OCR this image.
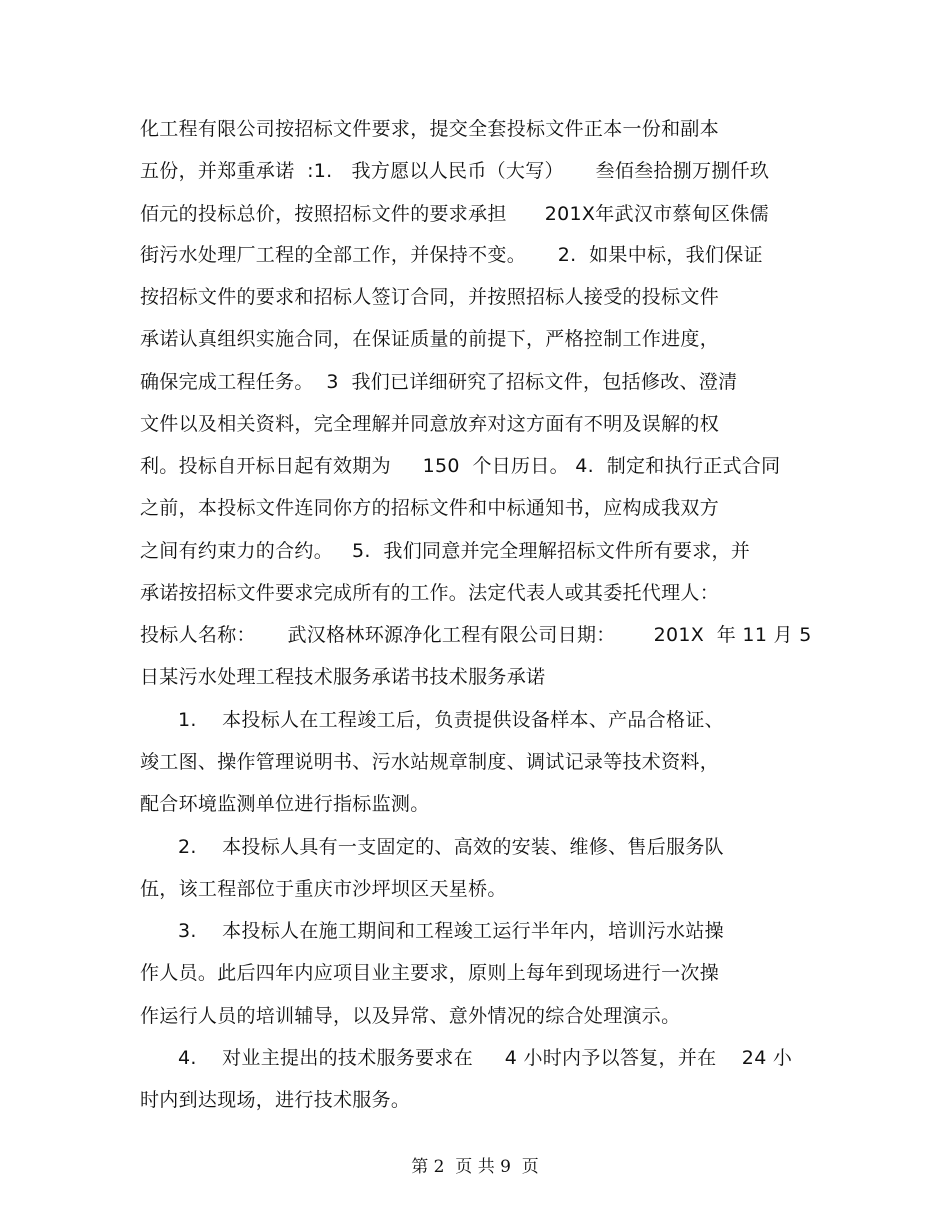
化工程有限公司按招标文件要求，提交全套投标文件正本一份和副本
五份，并郑重承诺  :1.   我方愿以人民币（大写）     叁佰叁拾捌万捌仟玖
佰元的投标总价，按照招标文件的要求承担      201X年武汉市蔡甸区侏儒
街污水处理厂工程的全部工作，并保持不变。     2.  如果中标，我们保证
按招标文件的要求和招标人签订合同，并按照招标人接受的投标文件
承诺认真组织实施合同，在保证质量的前提下，严格控制工作进度，
确保完成工程任务。  3  我们已详细研究了招标文件，包括修改、澄清
文件以及相关资料，完全理解并同意放弃对这方面有不明及误解的权
利。投标自开标日起有效期为     150  个日历日。 4.  制定和执行正式合同
之前，本投标文件连同你方的招标文件和中标通知书，应构成我双方
之间有约束力的合约。   5.  我们同意并完全理解招标文件所有要求，并
承诺按招标文件要求完成所有的工作。法定代表人或其委托代理人：
投标人名称：     武汉格林环源净化工程有限公司日期：      201X  年 11 月 5
日某污水处理工程技术服务承诺书技术服务承诺
1.    本投标人在工程竣工后，负责提供设备样本、产品合格证、
竣工图、操作管理说明书、污水站规章制度、调试记录等技术资料，
配合环境监测单位进行指标监测。
2.    本投标人具有一支固定的、高效的安装、维修、售后服务队
伍，该工程部位于重庆市沙坪坝区天星桥。
3.    本投标人在施工期间和工程竣工运行半年内，培训污水站操
作人员。此后四年内应项目业主要求，原则上每年到现场进行一次操
作运行人员的培训辅导，以及异常、意外情况的综合处理演示。
4.    对业主提出的技术服务要求在     4 小时内予以答复，并在    24 小
时内到达现场，进行技术服务。
第 2  页 共 9  页
